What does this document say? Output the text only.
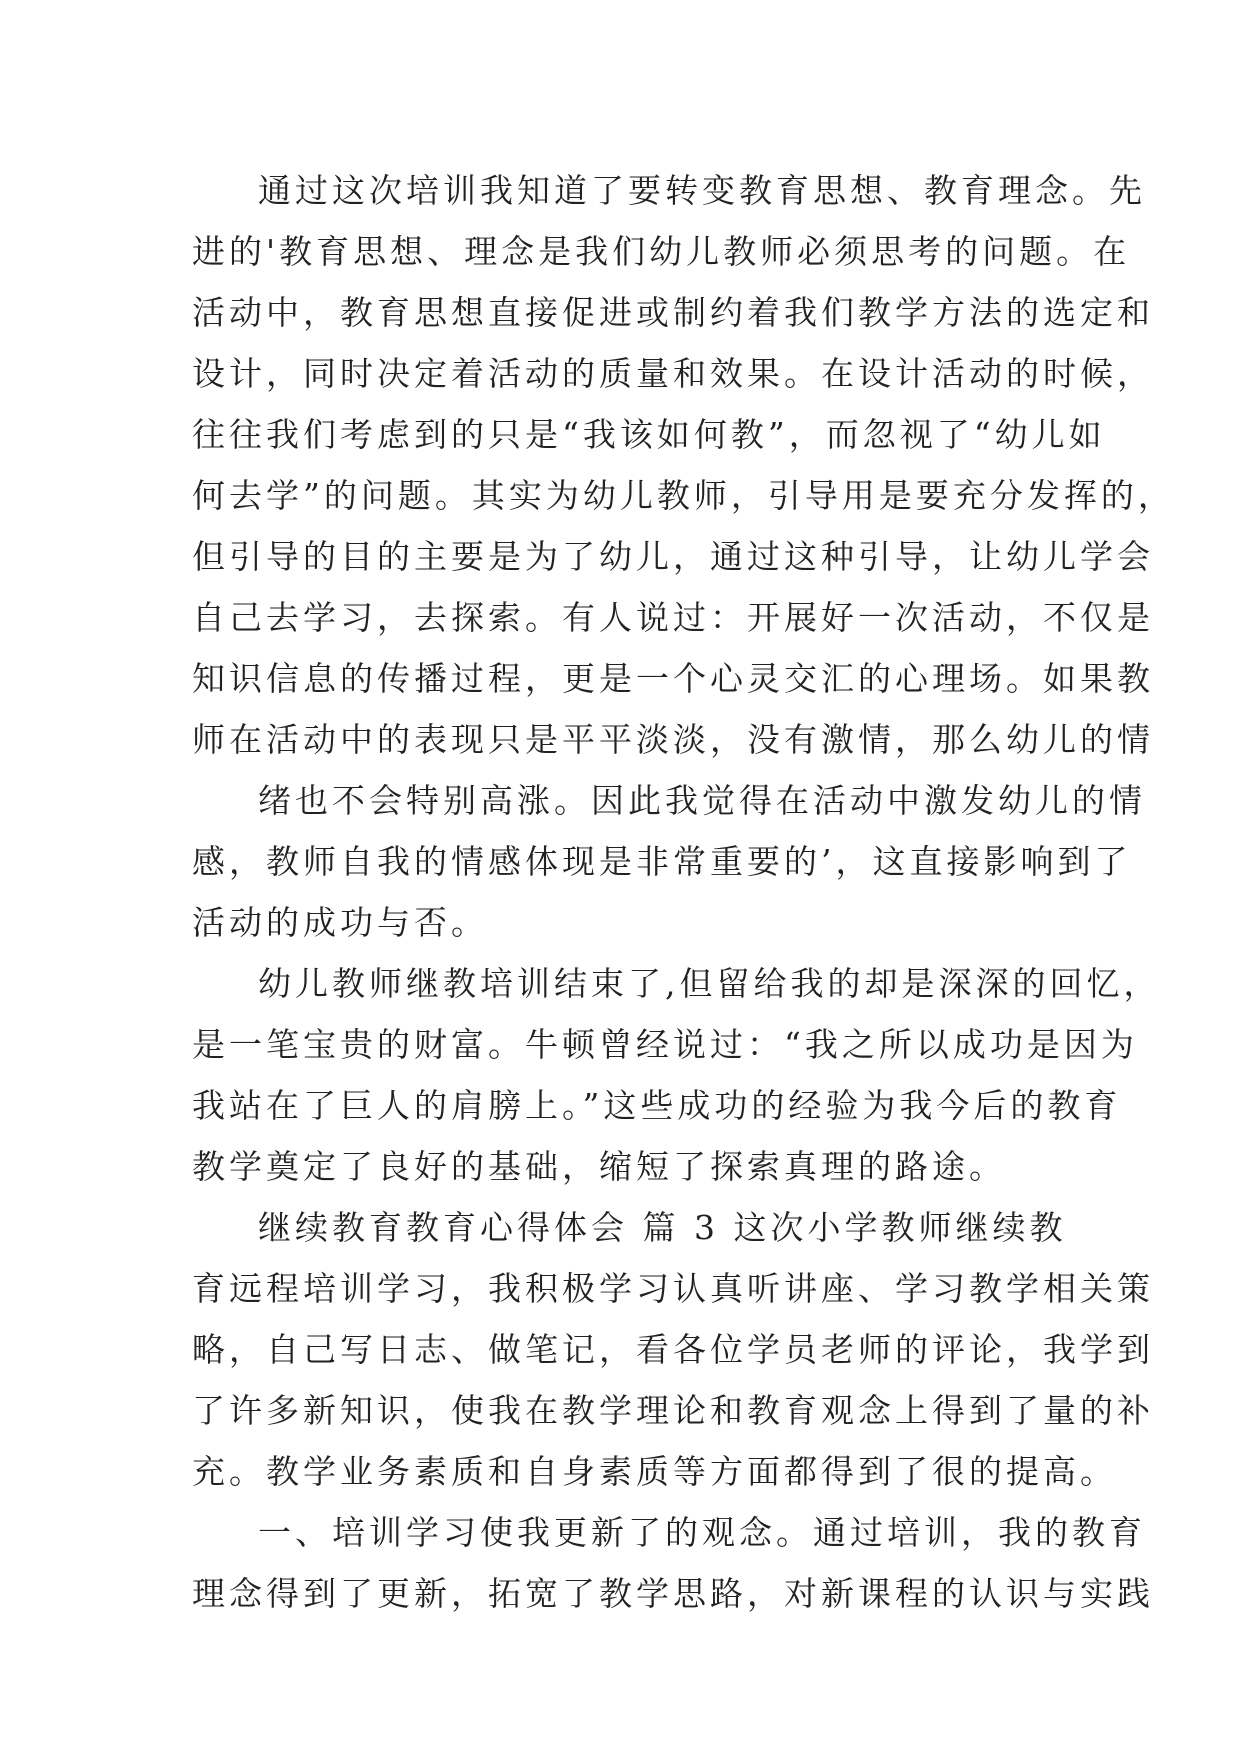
通过这次培训我知道了要转变教育思想、教育理念。先
进的'教育思想、理念是我们幼儿教师必须思考的问题。在
活动中，教育思想直接促进或制约着我们教学方法的选定和
设计，同时决定着活动的质量和效果。在设计活动的时候，
往往我们考虑到的只是“我该如何教”，而忽视了“幼儿如
何去学”的问题。其实为幼儿教师，引导用是要充分发挥的，
但引导的目的主要是为了幼儿，通过这种引导，让幼儿学会
自己去学习，去探索。有人说过：开展好一次活动，不仅是
知识信息的传播过程，更是一个心灵交汇的心理场。如果教
师在活动中的表现只是平平淡淡，没有激情，那么幼儿的情
绪也不会特别高涨。因此我觉得在活动中激发幼儿的情
感，教师自我的情感体现是非常重要的’，这直接影响到了
活动的成功与否。
幼儿教师继教培训结束了,但留给我的却是深深的回忆，
是一笔宝贵的财富。牛顿曾经说过：“我之所以成功是因为
我站在了巨人的肩膀上。”这些成功的经验为我今后的教育
教学奠定了良好的基础，缩短了探索真理的路途。
继续教育教育心得体会 篇 3 这次小学教师继续教
育远程培训学习，我积极学习认真听讲座、学习教学相关策
略，自己写日志、做笔记，看各位学员老师的评论，我学到
了许多新知识，使我在教学理论和教育观念上得到了量的补
充。教学业务素质和自身素质等方面都得到了很的提高。
一、培训学习使我更新了的观念。通过培训，我的教育
理念得到了更新，拓宽了教学思路，对新课程的认识与实践
